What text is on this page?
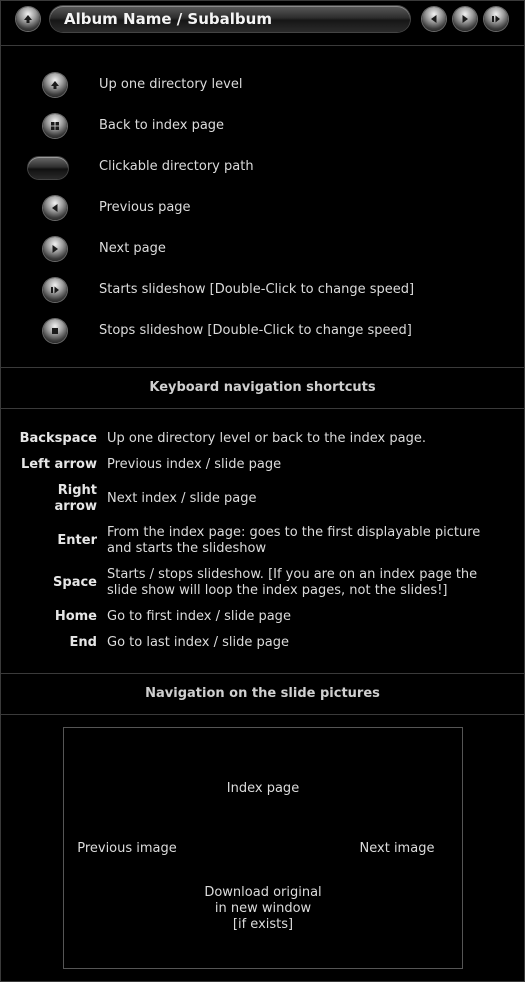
Album Name / Subalbum
Up one directory level
Back to index page
Clickable directory path
Previous page
Next page
Starts slideshow [Double-Click to change speed]
Stops slideshow [Double-Click to change speed]
Keyboard navigation shortcuts
Backspace Up one directory level or back to the index page.
Left arrow Previous index / slide page
Right arrow
Next index / slide page
Enter
From the index page: goes to the first displayable picture and starts the slideshow
Space
Starts / stops slideshow. [If you are on an index page the slide show will loop the index pages, not the slides!]
Home Go to first index / slide page
End Go to last index / slide page
Navigation on the slide pictures
Index page
Previous image	Next image
Download original
in new window
[if exists]
